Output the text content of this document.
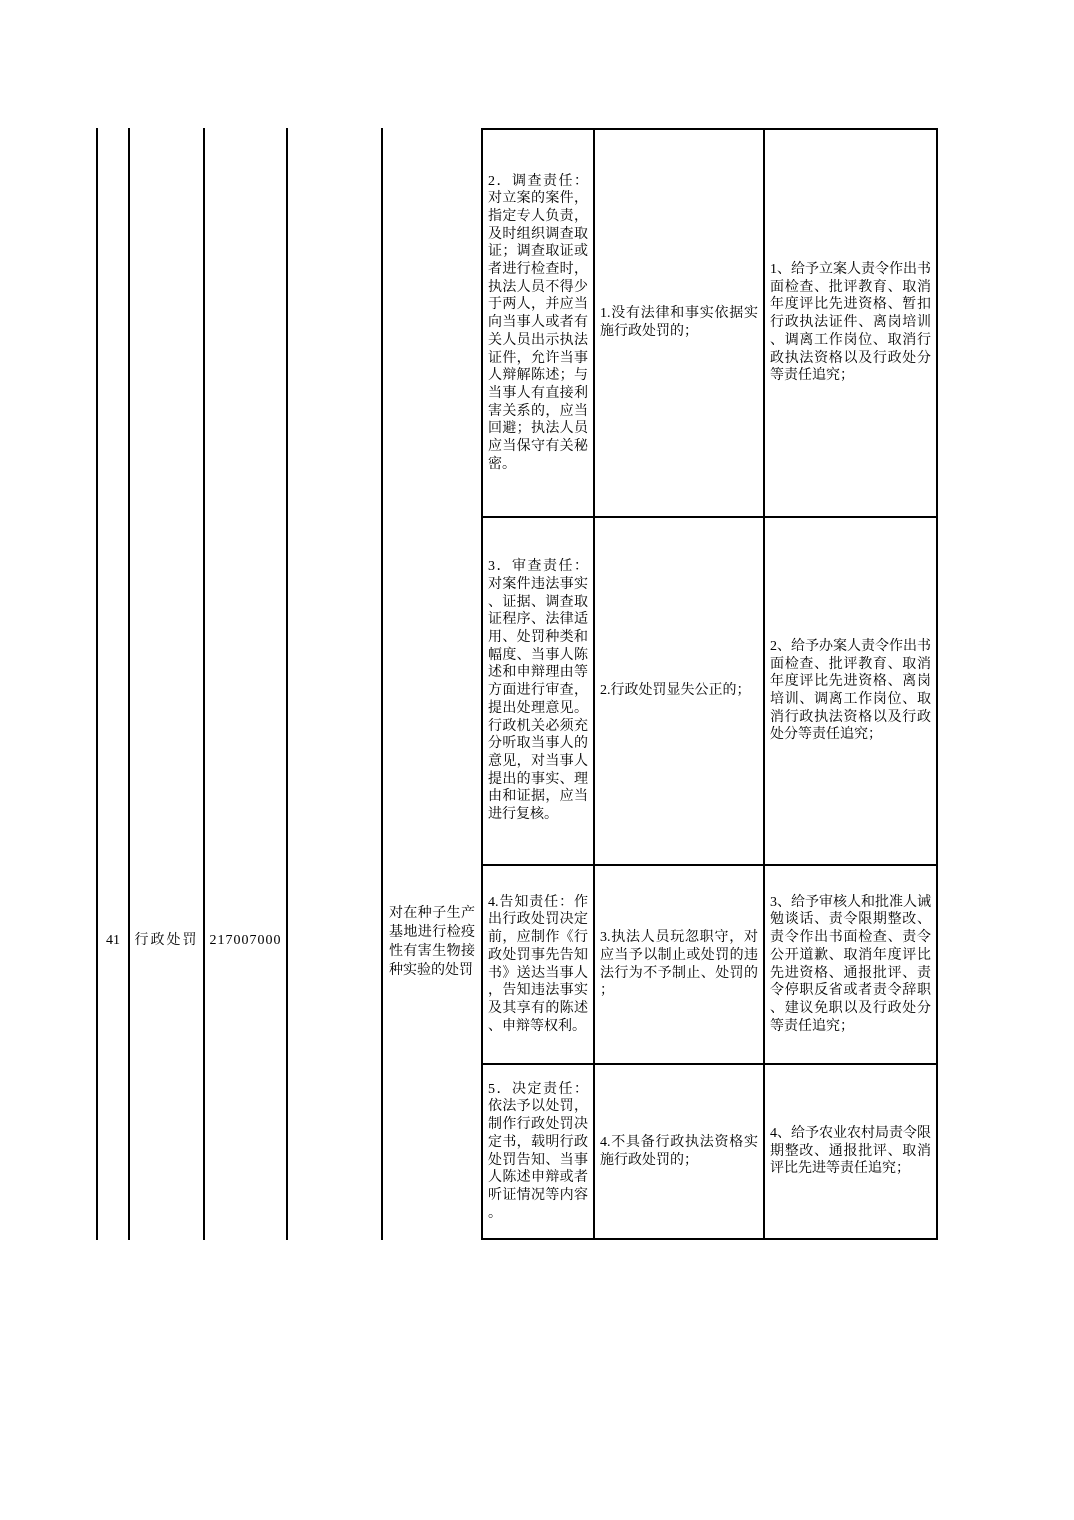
41	行政处罚 217007000
对在种子生产基地进行检疫性有害生物接种实验的处罚
2．调查责任：对立案的案件，指定专人负责，及时组织调查取证；调查取证或者进行检查时，执法人员不得少于两人，并应当向当事人或者有关人员出示执法证件，允许当事人辩解陈述；与当事人有直接利害关系的，应当回避；执法人员应当保守有关秘密。
1.没有法律和事实依据实施行政处罚的；
1、给予立案人责令作出书面检查、批评教育、取消年度评比先进资格、暂扣行政执法证件、离岗培训、调离工作岗位、取消行政执法资格以及行政处分等责任追究；
3．审查责任：对案件违法事实、证据、调查取证程序、法律适用、处罚种类和幅度、当事人陈述和申辩理由等方面进行审查，提出处理意见。行政机关必须充分听取当事人的意见，对当事人提出的事实、理由和证据，应当进行复核。
2.行政处罚显失公正的；
2、给予办案人责令作出书面检查、批评教育、取消年度评比先进资格、离岗培训、调离工作岗位、取消行政执法资格以及行政处分等责任追究；
4.告知责任：作出行政处罚决定前，应制作《行政处罚事先告知书》送达当事人，告知违法事实及其享有的陈述、申辩等权利。
3.执法人员玩忽职守，对应当予以制止或处罚的违法行为不予制止、处罚的；
3、给予审核人和批准人诫勉谈话、责令限期整改、责令作出书面检查、责令公开道歉、取消年度评比先进资格、通报批评、责令停职反省或者责令辞职、建议免职以及行政处分等责任追究；
5．决定责任：依法予以处罚，制作行政处罚决定书，载明行政处罚告知、当事人陈述申辩或者听证情况等内容。
4.不具备行政执法资格实施行政处罚的；
4、给予农业农村局责令限期整改、通报批评、取消评比先进等责任追究；
